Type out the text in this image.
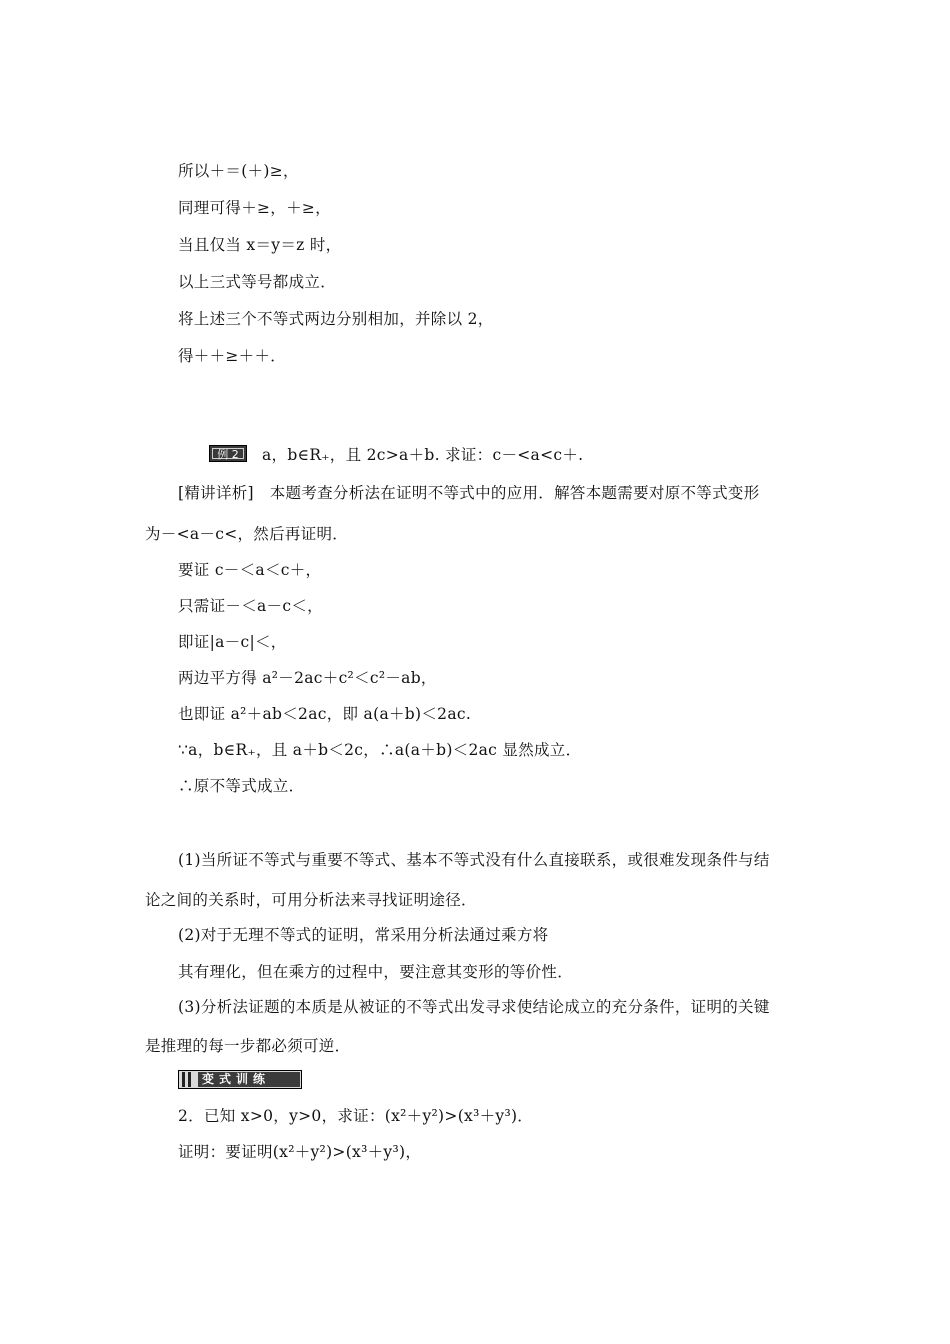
所以＋＝(＋)≥，
同理可得＋≥，＋≥，
当且仅当 x＝y＝z 时，
以上三式等号都成立．
将上述三个不等式两边分别相加，并除以 2，
得＋＋≥＋＋．
例 2	a，b∈R₊，且 2c>a＋b. 求证：c－<a<c＋.
[精讲详析]　本题考查分析法在证明不等式中的应用．解答本题需要对原不等式变形
为－<a－c<，然后再证明．
要证 c－＜a＜c＋，
只需证－＜a－c＜，
即证|a－c|＜，
两边平方得 a²－2ac＋c²＜c²－ab，
也即证 a²＋ab＜2ac，即 a(a＋b)＜2ac.
∵a，b∈R₊，且 a＋b＜2c，∴a(a＋b)＜2ac 显然成立．
∴原不等式成立．
(1)当所证不等式与重要不等式、基本不等式没有什么直接联系，或很难发现条件与结
论之间的关系时，可用分析法来寻找证明途径．
(2)对于无理不等式的证明，常采用分析法通过乘方将
其有理化，但在乘方的过程中，要注意其变形的等价性．
(3)分析法证题的本质是从被证的不等式出发寻求使结论成立的充分条件，证明的关键
是推理的每一步都必须可逆．
变式训练
2．已知 x>0，y>0，求证：(x²＋y²)>(x³＋y³)．
证明：要证明(x²＋y²)>(x³＋y³)，
